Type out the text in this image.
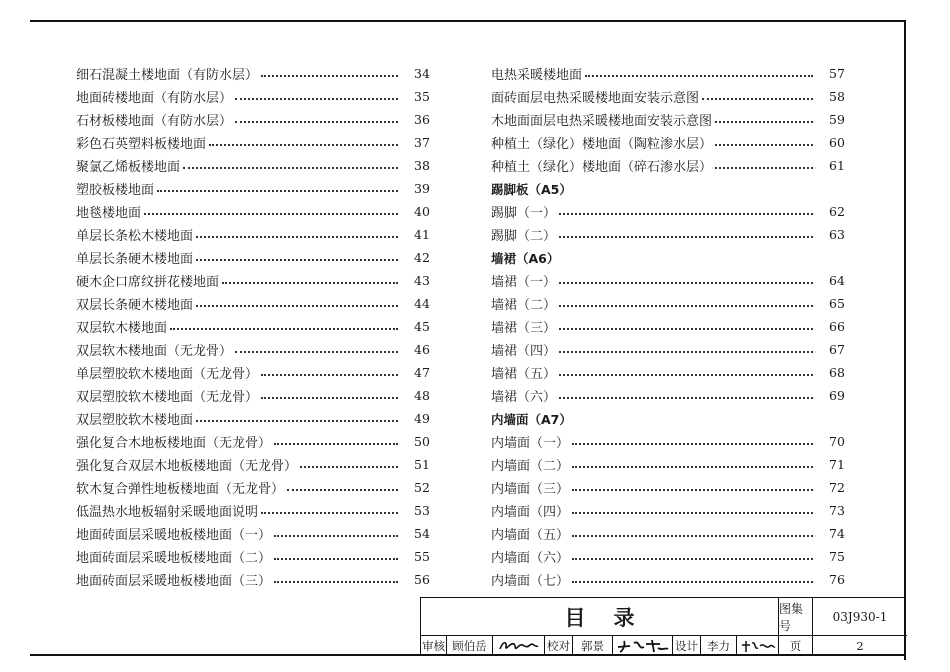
细石混凝土楼地面（有防水层）	34
地面砖楼地面（有防水层）	35
石材板楼地面（有防水层）	36
彩色石英塑料板楼地面	37
聚氯乙烯板楼地面	38
塑胶板楼地面	39
地毯楼地面	40
单层长条松木楼地面	41
单层长条硬木楼地面	42
硬木企口席纹拼花楼地面	43
双层长条硬木楼地面	44
双层软木楼地面	45
双层软木楼地面（无龙骨）	46
单层塑胶软木楼地面（无龙骨）	47
双层塑胶软木楼地面（无龙骨）	48
双层塑胶软木楼地面	49
强化复合木地板楼地面（无龙骨）	50
强化复合双层木地板楼地面（无龙骨）	51
软木复合弹性地板楼地面（无龙骨）	52
低温热水地板辐射采暖地面说明	53
地面砖面层采暖地板楼地面（一）	54
地面砖面层采暖地板楼地面（二）	55
地面砖面层采暖地板楼地面（三）	56
电热采暖楼地面	57
面砖面层电热采暖楼地面安装示意图	58
木地面面层电热采暖楼地面安装示意图	59
种植土（绿化）楼地面（陶粒渗水层）	60
种植土（绿化）楼地面（碎石渗水层）	61
踢脚板（A5）
踢脚（一）	62
踢脚（二）	63
墙裙（A6）
墙裙（一）	64
墙裙（二）	65
墙裙（三）	66
墙裙（四）	67
墙裙（五）	68
墙裙（六）	69
内墙面（A7）
内墙面（一）	70
内墙面（二）	71
内墙面（三）	72
内墙面（四）	73
内墙面（五）	74
内墙面（六）	75
内墙面（七）	76
目录	图集号
03J930-1
审核 顾伯岳	校对 郭景	设计 李力	页	2
